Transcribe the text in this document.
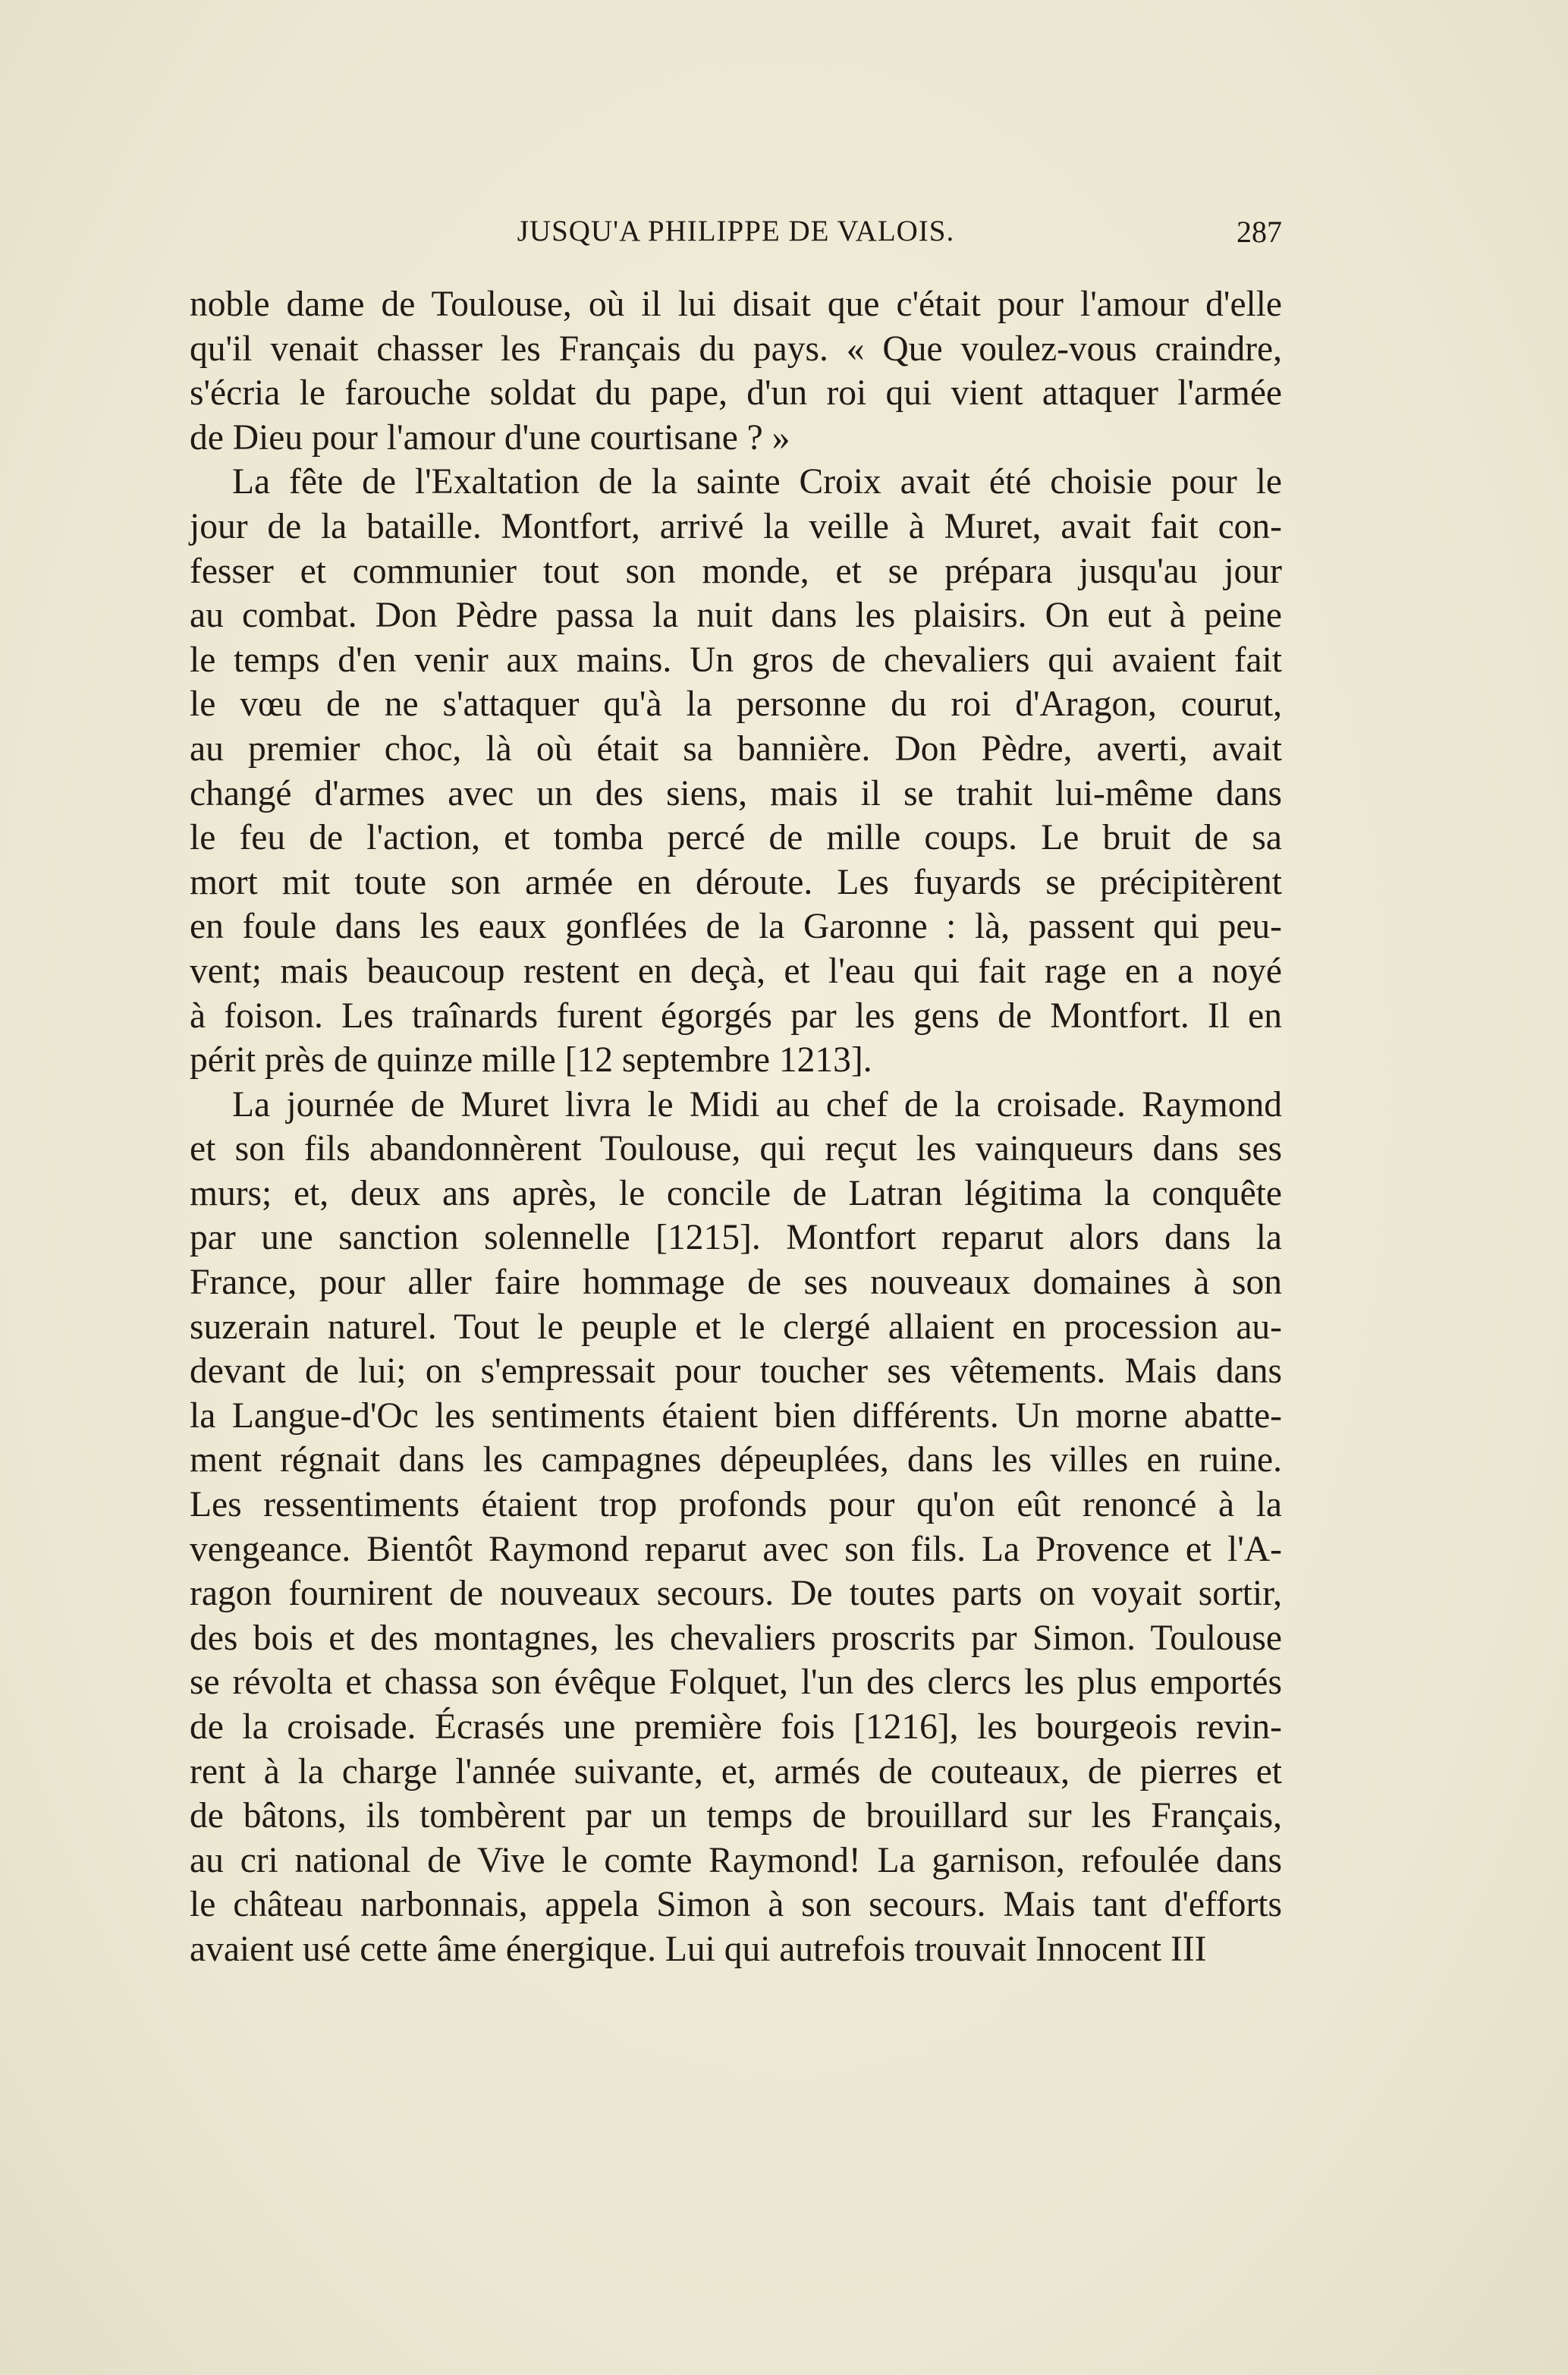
JUSQU'A PHILIPPE DE VALOIS.	287

noble dame de Toulouse, où il lui disait que c'était pour l'amour d'elle
qu'il venait chasser les Français du pays. « Que voulez-vous craindre,
s'écria le farouche soldat du pape, d'un roi qui vient attaquer l'armée
de Dieu pour l'amour d'une courtisane ? »

La fête de l'Exaltation de la sainte Croix avait été choisie pour le
jour de la bataille. Montfort, arrivé la veille à Muret, avait fait con-
fesser et communier tout son monde, et se prépara jusqu'au jour
au combat. Don Pèdre passa la nuit dans les plaisirs. On eut à peine
le temps d'en venir aux mains. Un gros de chevaliers qui avaient fait
le vœu de ne s'attaquer qu'à la personne du roi d'Aragon, courut,
au premier choc, là où était sa bannière. Don Pèdre, averti, avait
changé d'armes avec un des siens, mais il se trahit lui-même dans
le feu de l'action, et tomba percé de mille coups. Le bruit de sa
mort mit toute son armée en déroute. Les fuyards se précipitèrent
en foule dans les eaux gonflées de la Garonne : là, passent qui peu-
vent; mais beaucoup restent en deçà, et l'eau qui fait rage en a noyé
à foison. Les traînards furent égorgés par les gens de Montfort. Il en
périt près de quinze mille [12 septembre 1213].

La journée de Muret livra le Midi au chef de la croisade. Raymond
et son fils abandonnèrent Toulouse, qui reçut les vainqueurs dans ses
murs; et, deux ans après, le concile de Latran légitima la conquête
par une sanction solennelle [1215]. Montfort reparut alors dans la
France, pour aller faire hommage de ses nouveaux domaines à son
suzerain naturel. Tout le peuple et le clergé allaient en procession au-
devant de lui; on s'empressait pour toucher ses vêtements. Mais dans
la Langue-d'Oc les sentiments étaient bien différents. Un morne abatte-
ment régnait dans les campagnes dépeuplées, dans les villes en ruine.
Les ressentiments étaient trop profonds pour qu'on eût renoncé à la
vengeance. Bientôt Raymond reparut avec son fils. La Provence et l'A-
ragon fournirent de nouveaux secours. De toutes parts on voyait sortir,
des bois et des montagnes, les chevaliers proscrits par Simon. Toulouse
se révolta et chassa son évêque Folquet, l'un des clercs les plus emportés
de la croisade. Écrasés une première fois [1216], les bourgeois revin-
rent à la charge l'année suivante, et, armés de couteaux, de pierres et
de bâtons, ils tombèrent par un temps de brouillard sur les Français,
au cri national de Vive le comte Raymond! La garnison, refoulée dans
le château narbonnais, appela Simon à son secours. Mais tant d'efforts
avaient usé cette âme énergique. Lui qui autrefois trouvait Innocent III
